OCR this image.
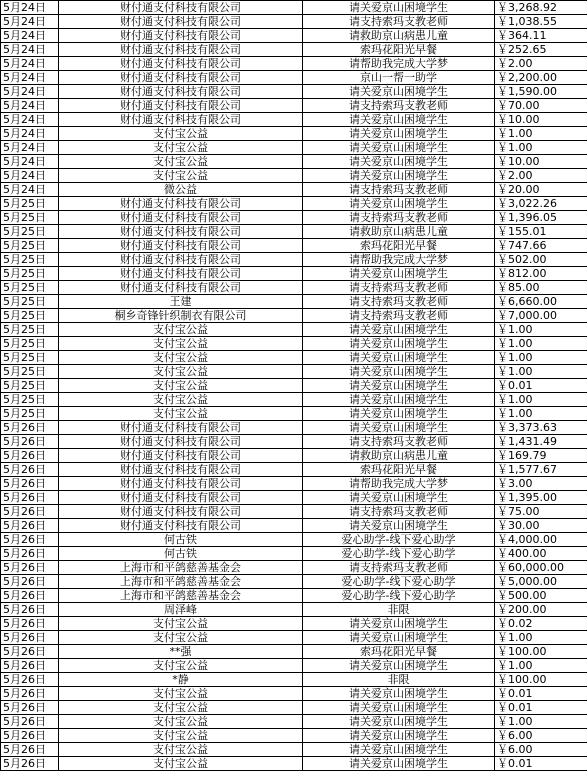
5月24日	财付通支付科技有限公司	请关爱京山困境学生	￥3,268.92
5月24日	财付通支付科技有限公司	请支持索玛支教老师	￥1,038.55
5月24日	财付通支付科技有限公司	请救助京山病患儿童	￥364.11
5月24日	财付通支付科技有限公司	索玛花阳光早餐	￥252.65
5月24日	财付通支付科技有限公司	请帮助我完成大学梦	￥2.00
5月24日	财付通支付科技有限公司	京山一帮一助学	￥2,200.00
5月24日	财付通支付科技有限公司	请关爱京山困境学生	￥1,590.00
5月24日	财付通支付科技有限公司	请支持索玛支教老师	￥70.00
5月24日	财付通支付科技有限公司	请关爱京山困境学生	￥10.00
5月24日	支付宝公益	请关爱京山困境学生	￥1.00
5月24日	支付宝公益	请关爱京山困境学生	￥1.00
5月24日	支付宝公益	请关爱京山困境学生	￥10.00
5月24日	支付宝公益	请关爱京山困境学生	￥2.00
5月24日	微公益	请支持索玛支教老师	￥20.00
5月25日	财付通支付科技有限公司	请关爱京山困境学生	￥3,022.26
5月25日	财付通支付科技有限公司	请支持索玛支教老师	￥1,396.05
5月25日	财付通支付科技有限公司	请救助京山病患儿童	￥155.01
5月25日	财付通支付科技有限公司	索玛花阳光早餐	￥747.66
5月25日	财付通支付科技有限公司	请帮助我完成大学梦	￥502.00
5月25日	财付通支付科技有限公司	请关爱京山困境学生	￥812.00
5月25日	财付通支付科技有限公司	请支持索玛支教老师	￥85.00
5月25日	王建	请支持索玛支教老师	￥6,660.00
5月25日	桐乡奇锋针织制衣有限公司	请支持索玛支教老师	￥7,000.00
5月25日	支付宝公益	请关爱京山困境学生	￥1.00
5月25日	支付宝公益	请关爱京山困境学生	￥1.00
5月25日	支付宝公益	请关爱京山困境学生	￥1.00
5月25日	支付宝公益	请关爱京山困境学生	￥1.00
5月25日	支付宝公益	请关爱京山困境学生	￥0.01
5月25日	支付宝公益	请关爱京山困境学生	￥1.00
5月25日	支付宝公益	请关爱京山困境学生	￥1.00
5月26日	财付通支付科技有限公司	请关爱京山困境学生	￥3,373.63
5月26日	财付通支付科技有限公司	请支持索玛支教老师	￥1,431.49
5月26日	财付通支付科技有限公司	请救助京山病患儿童	￥169.79
5月26日	财付通支付科技有限公司	索玛花阳光早餐	￥1,577.67
5月26日	财付通支付科技有限公司	请帮助我完成大学梦	￥3.00
5月26日	财付通支付科技有限公司	请关爱京山困境学生	￥1,395.00
5月26日	财付通支付科技有限公司	请支持索玛支教老师	￥75.00
5月26日	财付通支付科技有限公司	请关爱京山困境学生	￥30.00
5月26日	何古铁	爱心助学-线下爱心助学	￥4,000.00
5月26日	何古铁	爱心助学-线下爱心助学	￥400.00
5月26日	上海市和平鸽慈善基金会	请支持索玛支教老师	￥60,000.00
5月26日	上海市和平鸽慈善基金会	爱心助学-线下爱心助学	￥5,000.00
5月26日	上海市和平鸽慈善基金会	爱心助学-线下爱心助学	￥500.00
5月26日	周泽峰	非限	￥200.00
5月26日	支付宝公益	请关爱京山困境学生	￥0.02
5月26日	支付宝公益	请关爱京山困境学生	￥1.00
5月26日	**强	索玛花阳光早餐	￥100.00
5月26日	支付宝公益	请关爱京山困境学生	￥1.00
5月26日	*静	非限	￥100.00
5月26日	支付宝公益	请关爱京山困境学生	￥0.01
5月26日	支付宝公益	请关爱京山困境学生	￥0.01
5月26日	支付宝公益	请关爱京山困境学生	￥1.00
5月26日	支付宝公益	请关爱京山困境学生	￥6.00
5月26日	支付宝公益	请关爱京山困境学生	￥6.00
5月26日	支付宝公益	请关爱京山困境学生	￥0.01
